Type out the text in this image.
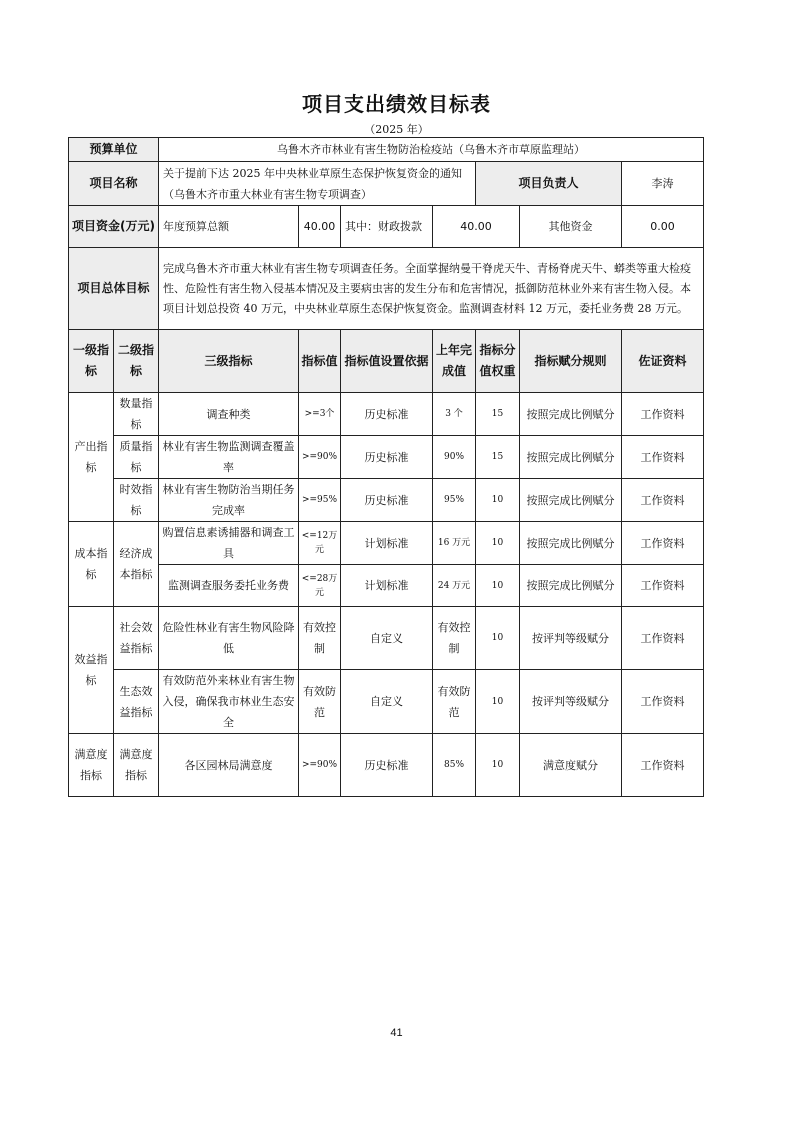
项目支出绩效目标表
（2025 年）
预算单位		乌鲁木齐市林业有害生物防治检疫站（乌鲁木齐市草原监理站）						
项目名称		关于提前下达 2025 年中央林业草原生态保护恢复资金的通知（乌鲁木齐市重大林业有害生物专项调查）				项目负责人		李涛
项目资金(万元)		年度预算总额	40.00	其中：财政拨款	40.00		其他资金	0.00
项目总体目标		完成乌鲁木齐市重大林业有害生物专项调查任务。全面掌握纳曼干脊虎天牛、青杨脊虎天牛、蟒类等重大检疫性、危险性有害生物入侵基本情况及主要病虫害的发生分布和危害情况，抵御防范林业外来有害生物入侵。本项目计划总投资 40 万元，中央林业草原生态保护恢复资金。监测调查材料 12 万元，委托业务费 28 万元。						
一级指标	二级指标	三级指标	指标值	指标值设置依据	上年完成值	指标分值权重	指标赋分规则	佐证资料
产出指标	数量指标	调查种类	>=3个	历史标准	3 个	15	按照完成比例赋分	工作资料
	质量指标	林业有害生物监测调查覆盖率	>=90%	历史标准	90%	15	按照完成比例赋分	工作资料
	时效指标	林业有害生物防治当期任务完成率	>=95%	历史标准	95%	10	按照完成比例赋分	工作资料
成本指标	经济成本指标	购置信息素诱捕器和调查工具	<=12万元	计划标准	16 万元	10	按照完成比例赋分	工作资料
		监测调查服务委托业务费	<=28万元	计划标准	24 万元	10	按照完成比例赋分	工作资料
效益指标	社会效益指标	危险性林业有害生物风险降低	有效控制	自定义	有效控制	10	按评判等级赋分	工作资料
	生态效益指标	有效防范外来林业有害生物入侵，确保我市林业生态安全	有效防范	自定义	有效防范	10	按评判等级赋分	工作资料
满意度指标	满意度指标	各区园林局满意度	>=90%	历史标准	85%	10	满意度赋分	工作资料
41
